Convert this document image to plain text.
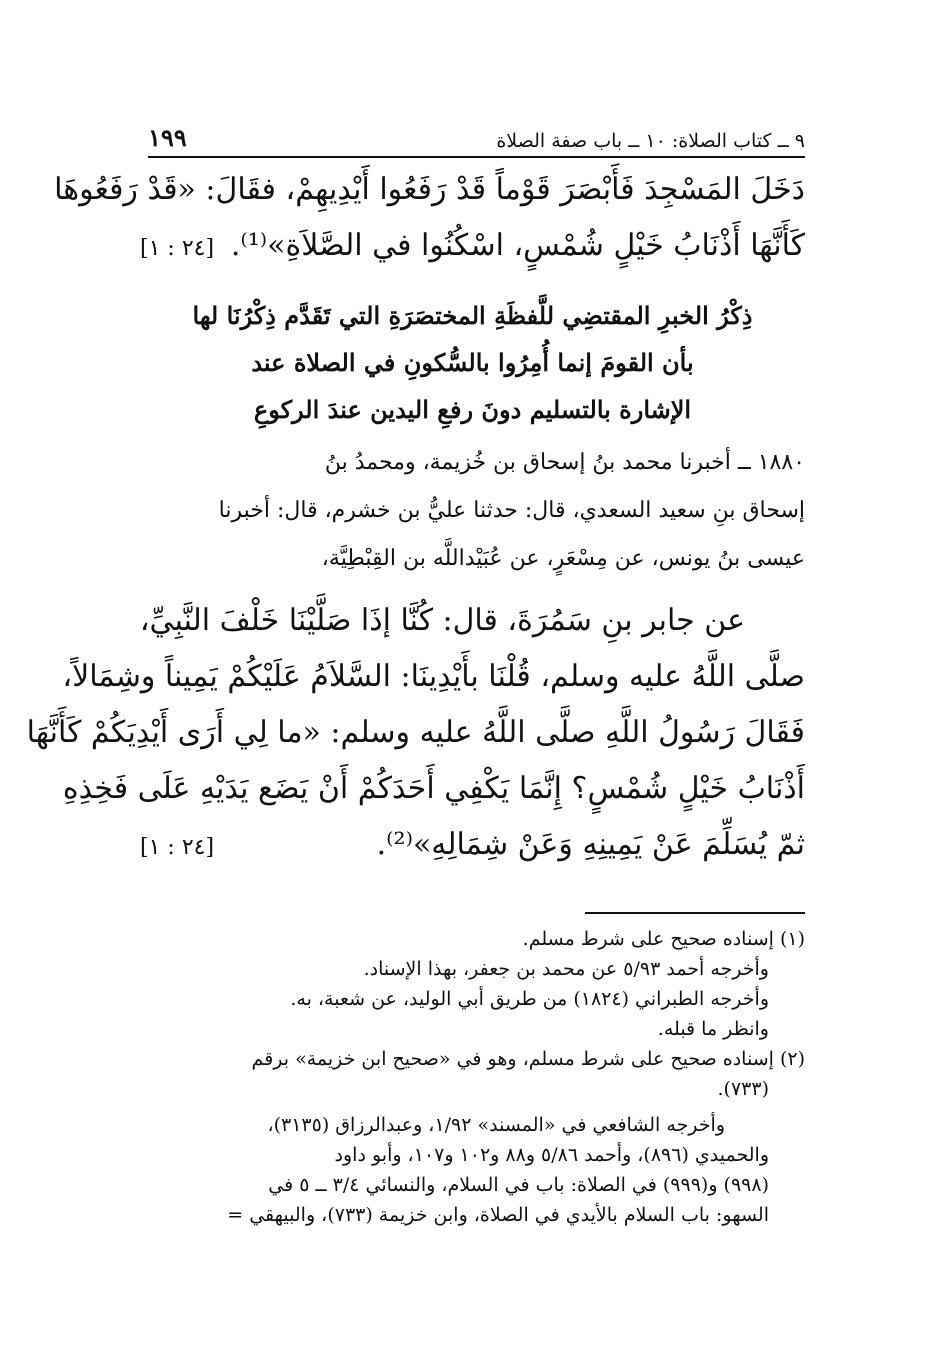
٩ ــ كتاب الصلاة: ١٠ ــ باب صفة الصلاة
١٩٩
دَخَلَ المَسْجِدَ فَأَبْصَرَ قَوْماً قَدْ رَفَعُوا أَيْدِيهِمْ، فقَالَ: «قَدْ رَفَعُوهَا
كَأَنَّهَا أَذْنَابُ خَيْلٍ شُمْسٍ، اسْكُنُوا في الصَّلاَةِ»⁽¹⁾.
[٢٤ : ١]
ذِكْرُ الخبرِ المقتضِي للَّفظَةِ المختصَرَةِ التي تَقَدَّم ذِكْرُنَا لها
بأن القومَ إنما أُمِرُوا بالسُّكونِ في الصلاة عند
الإشارة بالتسليم دونَ رفعِ اليدين عندَ الركوعِ
١٨٨٠ ــ أخبرنا محمد بنُ إسحاق بن خُزيمة، ومحمدُ بنُ
إسحاق بنِ سعيد السعدي، قال: حدثنا عليُّ بن خشرم، قال: أخبرنا
عيسى بنُ يونس، عن مِسْعَرٍ، عن عُبَيْداللَّه بن القِبْطِيَّة،
عن جابر بنِ سَمُرَةَ، قال: كُنَّا إذَا صَلَّيْنَا خَلْفَ النَّبِيِّ،
صلَّى اللَّهُ عليه وسلم، قُلْنَا بأَيْدِينَا: السَّلاَمُ عَلَيْكُمْ يَمِيناً وشِمَالاً،
فَقَالَ رَسُولُ اللَّهِ صلَّى اللَّهُ عليه وسلم: «ما لِي أَرَى أَيْدِيَكُمْ كَأَنَّهَا
أَذْنَابُ خَيْلٍ شُمْسٍ؟ إِنَّمَا يَكْفِي أَحَدَكُمْ أَنْ يَضَع يَدَيْهِ عَلَى فَخِذِهِ
ثمّ يُسَلِّمَ عَنْ يَمِينِهِ وَعَنْ شِمَالِهِ»⁽²⁾.
[٢٤ : ١]
(١) إسناده صحيح على شرط مسلم.
وأخرجه أحمد ٥/٩٣ عن محمد بن جعفر، بهذا الإسناد.
وأخرجه الطبراني (١٨٢٤) من طريق أبي الوليد، عن شعبة، به.
وانظر ما قبله.
(٢) إسناده صحيح على شرط مسلم، وهو في «صحيح ابن خزيمة» برقم
(٧٣٣).
وأخرجه الشافعي في «المسند» ١/٩٢، وعبدالرزاق (٣١٣٥)،
والحميدي (٨٩٦)، وأحمد ٥/٨٦ و٨٨ و١٠٢ و١٠٧، وأبو داود
(٩٩٨) و(٩٩٩) في الصلاة: باب في السلام، والنسائي ٣/٤ ــ ٥ في
السهو: باب السلام بالأيدي في الصلاة، وابن خزيمة (٧٣٣)، والبيهقي =
